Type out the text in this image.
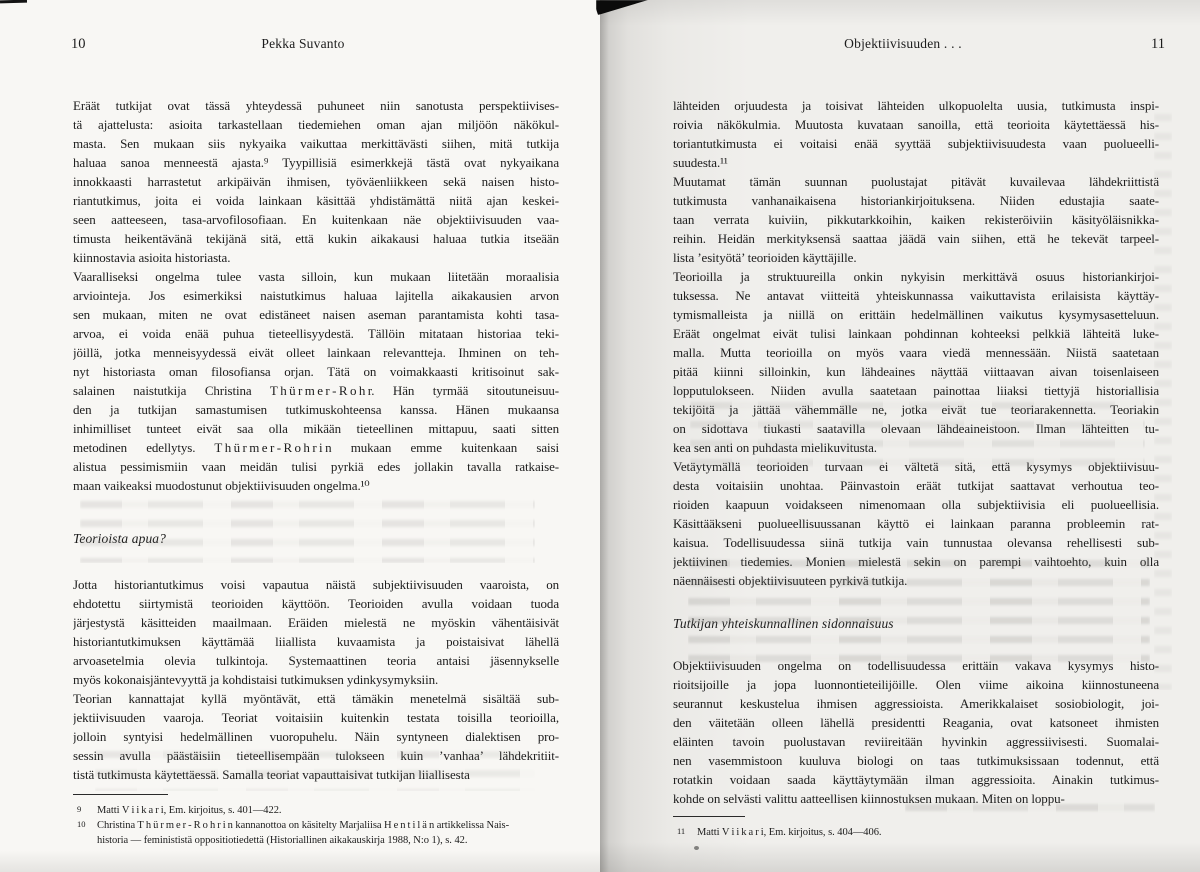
10	Pekka Suvanto
Eräät tutkijat ovat tässä yhteydessä puhuneet niin sanotusta perspektiivises-
tä ajattelusta: asioita tarkastellaan tiedemiehen oman ajan miljöön näkökul-
masta. Sen mukaan siis nykyaika vaikuttaa merkittävästi siihen, mitä tutkija
haluaa sanoa menneestä ajasta.⁹ Tyypillisiä esimerkkejä tästä ovat nykyaikana
innokkaasti harrastetut arkipäivän ihmisen, työväenliikkeen sekä naisen histo-
riantutkimus, joita ei voida lainkaan käsittää yhdistämättä niitä ajan keskei-
seen aatteeseen, tasa-arvofilosofiaan. En kuitenkaan näe objektiivisuuden vaa-
timusta heikentävänä tekijänä sitä, että kukin aikakausi haluaa tutkia itseään
kiinnostavia asioita historiasta.
Vaaralliseksi ongelma tulee vasta silloin, kun mukaan liitetään moraalisia
arviointeja. Jos esimerkiksi naistutkimus haluaa lajitella aikakausien arvon
sen mukaan, miten ne ovat edistäneet naisen aseman parantamista kohti tasa-
arvoa, ei voida enää puhua tieteellisyydestä. Tällöin mitataan historiaa teki-
jöillä, jotka menneisyydessä eivät olleet lainkaan relevantteja. Ihminen on teh-
nyt historiasta oman filosofiansa orjan. Tätä on voimakkaasti kritisoinut sak-
salainen naistutkija Christina T h ü r m e r - R o h r. Hän tyrmää sitoutuneisuu-
den ja tutkijan samastumisen tutkimuskohteensa kanssa. Hänen mukaansa
inhimilliset tunteet eivät saa olla mikään tieteellinen mittapuu, saati sitten
metodinen edellytys. T h ü r m e r - R o h r i n mukaan emme kuitenkaan saisi
alistua pessimismiin vaan meidän tulisi pyrkiä edes jollakin tavalla ratkaise-
maan vaikeaksi muodostunut objektiivisuuden ongelma.¹⁰
Teorioista apua?
Jotta historiantutkimus voisi vapautua näistä subjektiivisuuden vaaroista, on
ehdotettu siirtymistä teorioiden käyttöön. Teorioiden avulla voidaan tuoda
järjestystä käsitteiden maailmaan. Eräiden mielestä ne myöskin vähentäisivät
historiantutkimuksen käyttämää liiallista kuvaamista ja poistaisivat lähellä
arvoasetelmia olevia tulkintoja. Systemaattinen teoria antaisi jäsennykselle
myös kokonaisjäntevyyttä ja kohdistaisi tutkimuksen ydinkysymyksiin.
Teorian kannattajat kyllä myöntävät, että tämäkin menetelmä sisältää sub-
jektiivisuuden vaaroja. Teoriat voitaisiin kuitenkin testata toisilla teorioilla,
jolloin syntyisi hedelmällinen vuoropuhelu. Näin syntyneen dialektisen pro-
sessin avulla päästäisiin tieteellisempään tulokseen kuin ’vanhaa’ lähdekritiit-
tistä tutkimusta käytettäessä. Samalla teoriat vapauttaisivat tutkijan liiallisesta
9 Matti V i i k a r i, Em. kirjoitus, s. 401—422.
10 Christina T h ü r m e r - R o h r i n kannanottoa on käsitelty Marjaliisa H e n t i l ä n artikkelissa Nais-
historia — feminististä oppositiotiedettä (Historiallinen aikakauskirja 1988, N:o 1), s. 42.
Objektiivisuuden . . .	11
lähteiden orjuudesta ja toisivat lähteiden ulkopuolelta uusia, tutkimusta inspi-
roivia näkökulmia. Muutosta kuvataan sanoilla, että teorioita käytettäessä his-
toriantutkimusta ei voitaisi enää syyttää subjektiivisuudesta vaan puolueelli-
suudesta.¹¹
Muutamat tämän suunnan puolustajat pitävät kuvailevaa lähdekriittistä
tutkimusta vanhanaikaisena historiankirjoituksena. Niiden edustajia saate-
taan verrata kuiviin, pikkutarkkoihin, kaiken rekisteröiviin käsityöläisnikka-
reihin. Heidän merkityksensä saattaa jäädä vain siihen, että he tekevät tarpeel-
lista ’esityötä’ teorioiden käyttäjille.
Teorioilla ja struktuureilla onkin nykyisin merkittävä osuus historiankirjoi-
tuksessa. Ne antavat viitteitä yhteiskunnassa vaikuttavista erilaisista käyttäy-
tymismalleista ja niillä on erittäin hedelmällinen vaikutus kysymysasetteluun.
Eräät ongelmat eivät tulisi lainkaan pohdinnan kohteeksi pelkkiä lähteitä luke-
malla. Mutta teorioilla on myös vaara viedä mennessään. Niistä saatetaan
pitää kiinni silloinkin, kun lähdeaines näyttää viittaavan aivan toisenlaiseen
lopputulokseen. Niiden avulla saatetaan painottaa liiaksi tiettyjä historiallisia
tekijöitä ja jättää vähemmälle ne, jotka eivät tue teoriarakennetta. Teoriakin
on sidottava tiukasti saatavilla olevaan lähdeaineistoon. Ilman lähteitten tu-
kea sen anti on puhdasta mielikuvitusta.
Vetäytymällä teorioiden turvaan ei vältetä sitä, että kysymys objektiivisuu-
desta voitaisiin unohtaa. Päinvastoin eräät tutkijat saattavat verhoutua teo-
rioiden kaapuun voidakseen nimenomaan olla subjektiivisia eli puolueellisia.
Käsittääkseni puolueellisuussanan käyttö ei lainkaan paranna probleemin rat-
kaisua. Todellisuudessa siinä tutkija vain tunnustaa olevansa rehellisesti sub-
jektiivinen tiedemies. Monien mielestä sekin on parempi vaihtoehto, kuin olla
näennäisesti objektiivisuuteen pyrkivä tutkija.
Tutkijan yhteiskunnallinen sidonnaisuus
Objektiivisuuden ongelma on todellisuudessa erittäin vakava kysymys histo-
rioitsijoille ja jopa luonnontieteilijöille. Olen viime aikoina kiinnostuneena
seurannut keskustelua ihmisen aggressioista. Amerikkalaiset sosiobiologit, joi-
den väitetään olleen lähellä presidentti Reagania, ovat katsoneet ihmisten
eläinten tavoin puolustavan reviireitään hyvinkin aggressiivisesti. Suomalai-
nen vasemmistoon kuuluva biologi on taas tutkimuksissaan todennut, että
rotatkin voidaan saada käyttäytymään ilman aggressioita. Ainakin tutkimus-
kohde on selvästi valittu aatteellisen kiinnostuksen mukaan. Miten on loppu-
11 Matti V i i k a r i, Em. kirjoitus, s. 404—406.
